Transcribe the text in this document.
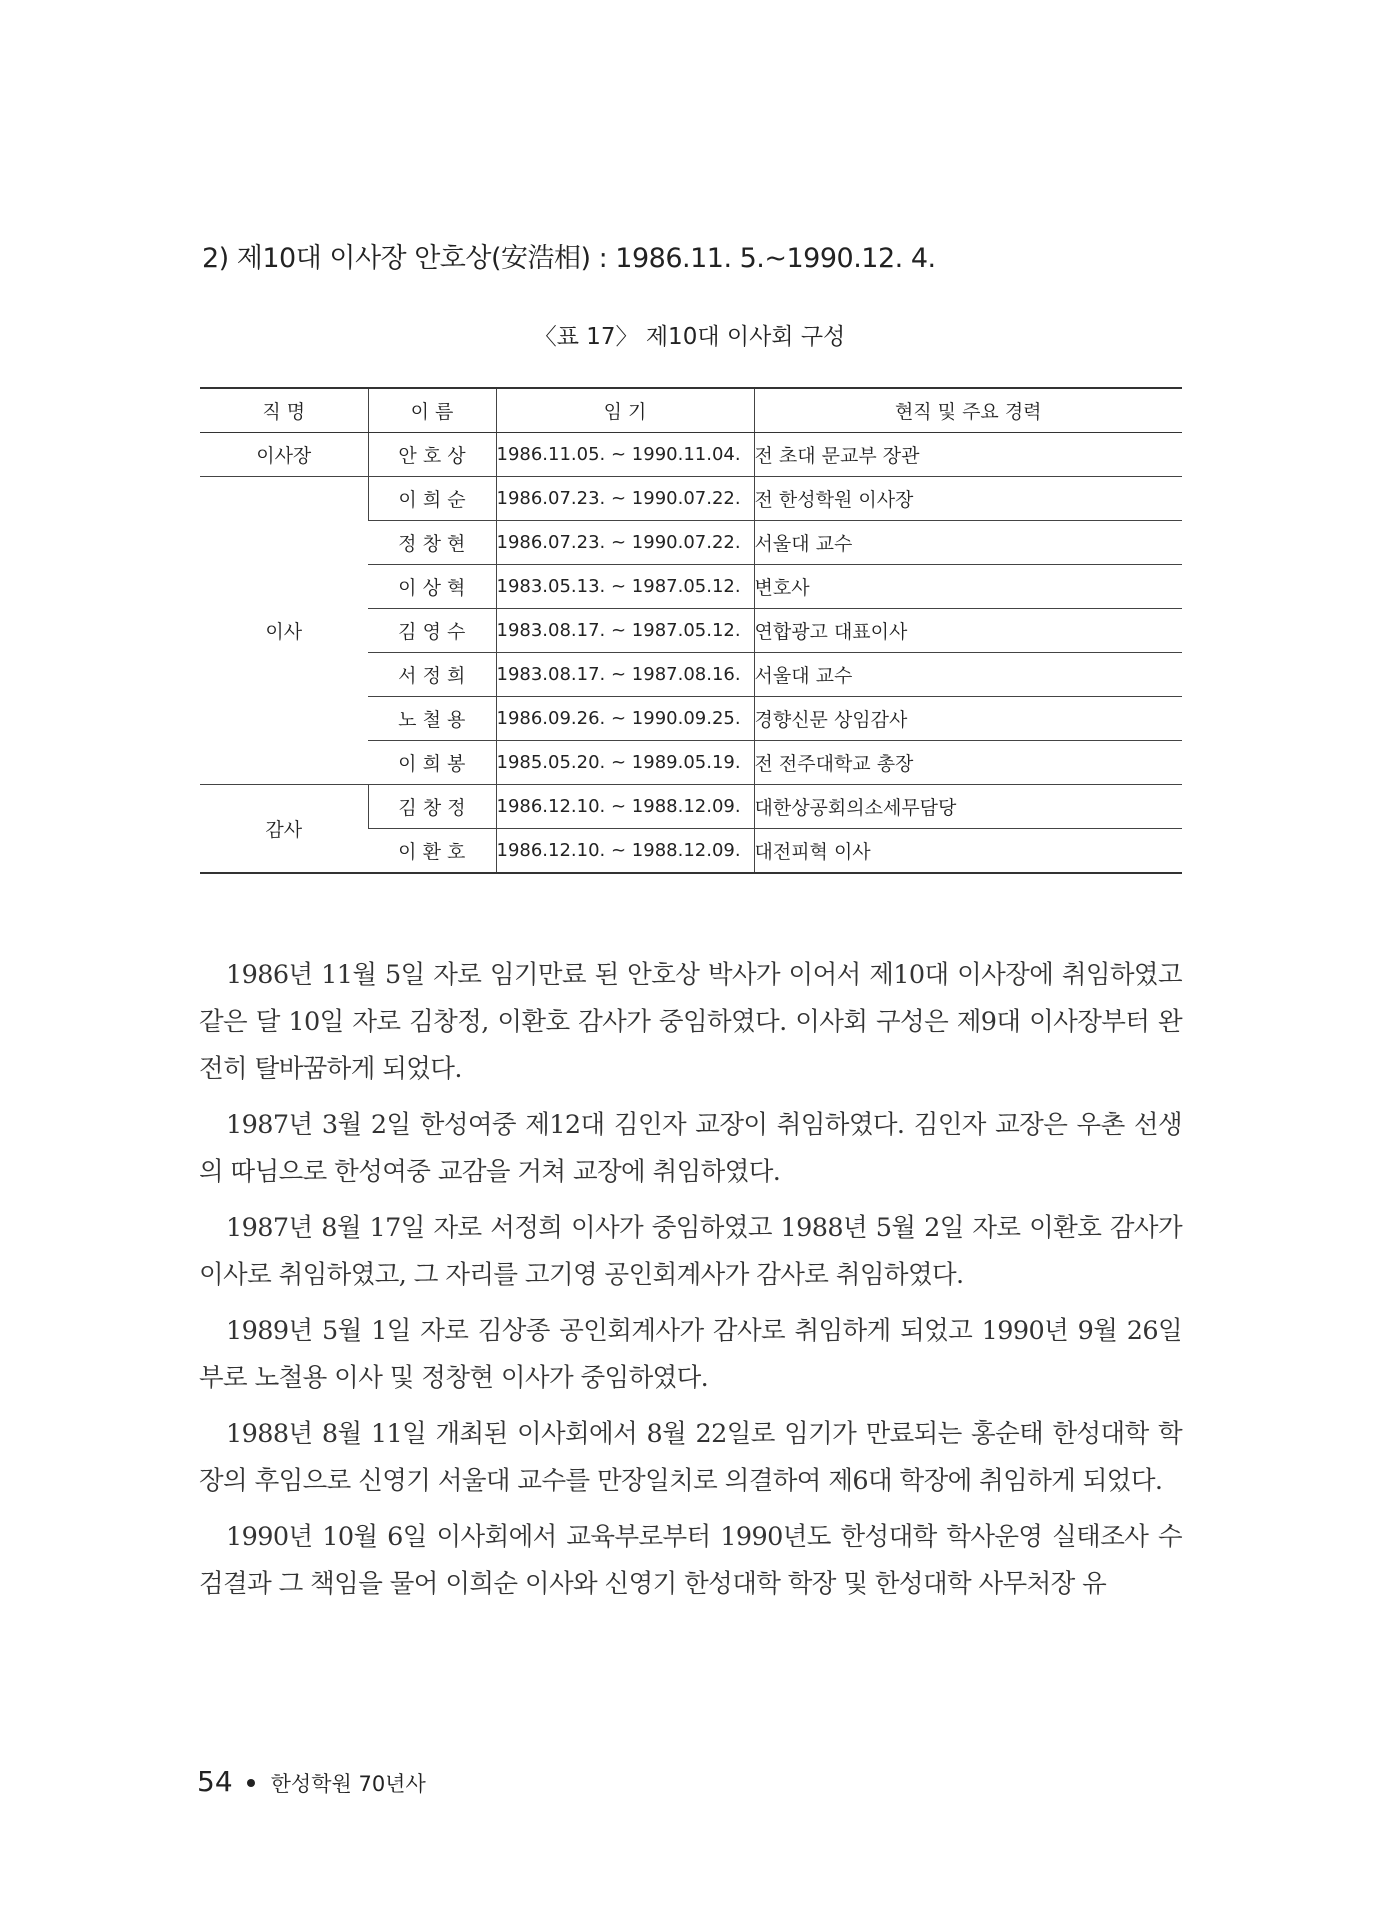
2) 제10대 이사장 안호상(安浩相) : 1986.11. 5.~1990.12. 4.
〈표 17〉 제10대 이사회 구성
직 명	이 름	임 기	현직 및 주요 경력
이사장	안 호 상	1986.11.05. ~ 1990.11.04.	전 초대 문교부 장관
이사	이 희 순	1986.07.23. ~ 1990.07.22.	전 한성학원 이사장
	정 창 현	1986.07.23. ~ 1990.07.22.	서울대 교수
	이 상 혁	1983.05.13. ~ 1987.05.12.	변호사
	김 영 수	1983.08.17. ~ 1987.05.12.	연합광고 대표이사
	서 정 희	1983.08.17. ~ 1987.08.16.	서울대 교수
	노 철 용	1986.09.26. ~ 1990.09.25.	경향신문 상임감사
	이 희 봉	1985.05.20. ~ 1989.05.19.	전 전주대학교 총장
감사	김 창 정	1986.12.10. ~ 1988.12.09.	대한상공회의소세무담당
	이 환 호	1986.12.10. ~ 1988.12.09.	대전피혁 이사

1986년 11월 5일 자로 임기만료 된 안호상 박사가 이어서 제10대 이사장에 취임하였고 같은 달 10일 자로 김창정, 이환호 감사가 중임하였다. 이사회 구성은 제9대 이사장부터 완전히 탈바꿈하게 되었다.

1987년 3월 2일 한성여중 제12대 김인자 교장이 취임하였다. 김인자 교장은 우촌 선생의 따님으로 한성여중 교감을 거쳐 교장에 취임하였다.

1987년 8월 17일 자로 서정희 이사가 중임하였고 1988년 5월 2일 자로 이환호 감사가 이사로 취임하였고, 그 자리를 고기영 공인회계사가 감사로 취임하였다.

1989년 5월 1일 자로 김상종 공인회계사가 감사로 취임하게 되었고 1990년 9월 26일 부로 노철용 이사 및 정창현 이사가 중임하였다.

1988년 8월 11일 개최된 이사회에서 8월 22일로 임기가 만료되는 홍순태 한성대학 학장의 후임으로 신영기 서울대 교수를 만장일치로 의결하여 제6대 학장에 취임하게 되었다.

1990년 10월 6일 이사회에서 교육부로부터 1990년도 한성대학 학사운영 실태조사 수검결과 그 책임을 물어 이희순 이사와 신영기 한성대학 학장 및 한성대학 사무처장 유

54 한성학원 70년사
